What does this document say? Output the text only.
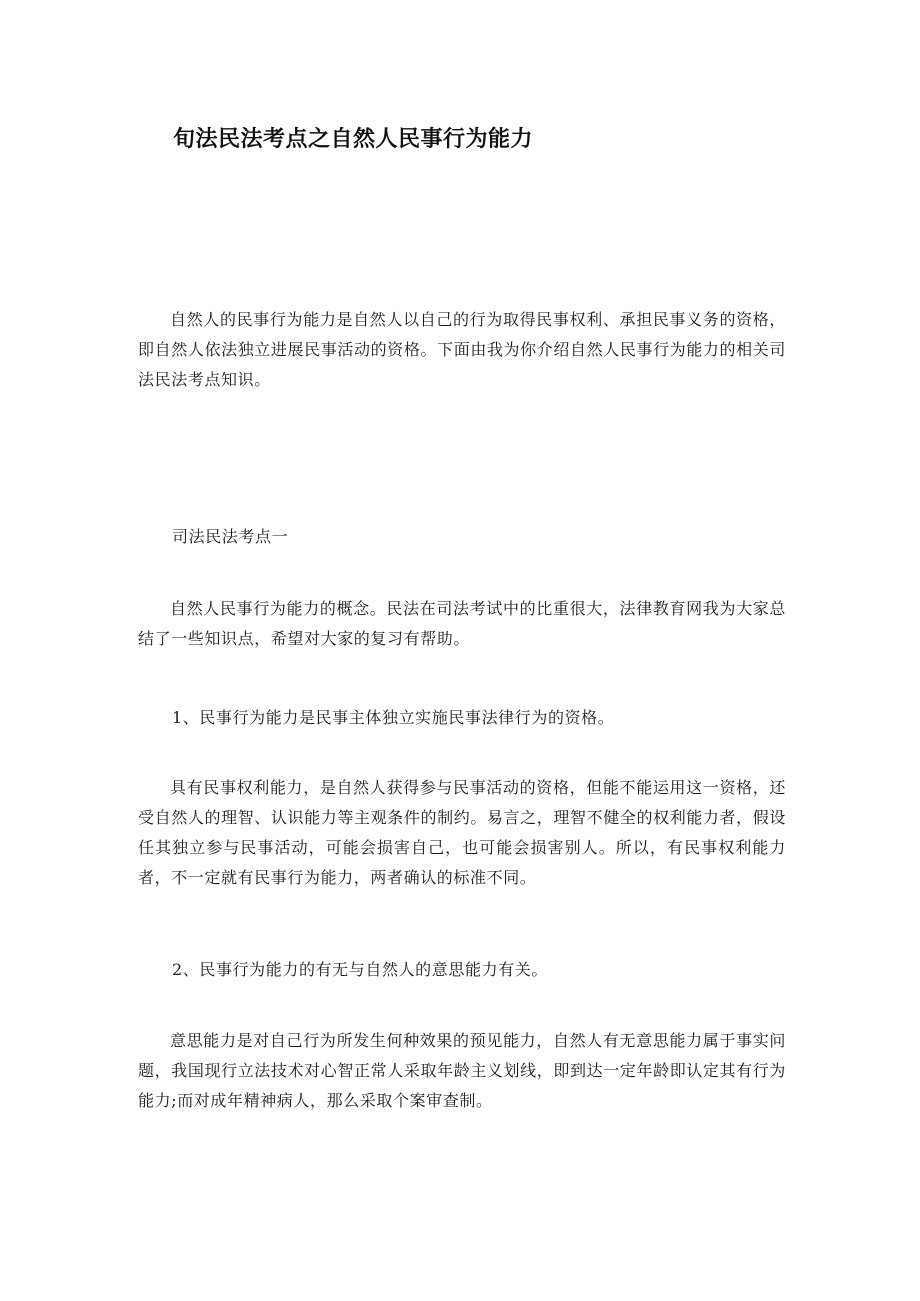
旬法民法考点之自然人民事行为能力

自然人的民事行为能力是自然人以自己的行为取得民事权利、承担民事义务的资格，即自然人依法独立进展民事活动的资格。下面由我为你介绍自然人民事行为能力的相关司法民法考点知识。

司法民法考点一

自然人民事行为能力的概念。民法在司法考试中的比重很大，法律教育网我为大家总结了一些知识点，希望对大家的复习有帮助。

1、民事行为能力是民事主体独立实施民事法律行为的资格。

具有民事权利能力，是自然人获得参与民事活动的资格，但能不能运用这一资格，还受自然人的理智、认识能力等主观条件的制约。易言之，理智不健全的权利能力者，假设任其独立参与民事活动，可能会损害自己，也可能会损害别人。所以，有民事权利能力者，不一定就有民事行为能力，两者确认的标准不同。

2、民事行为能力的有无与自然人的意思能力有关。

意思能力是对自己行为所发生何种效果的预见能力，自然人有无意思能力属于事实问题，我国现行立法技术对心智正常人采取年龄主义划线，即到达一定年龄即认定其有行为能力;而对成年精神病人，那么采取个案审查制。
